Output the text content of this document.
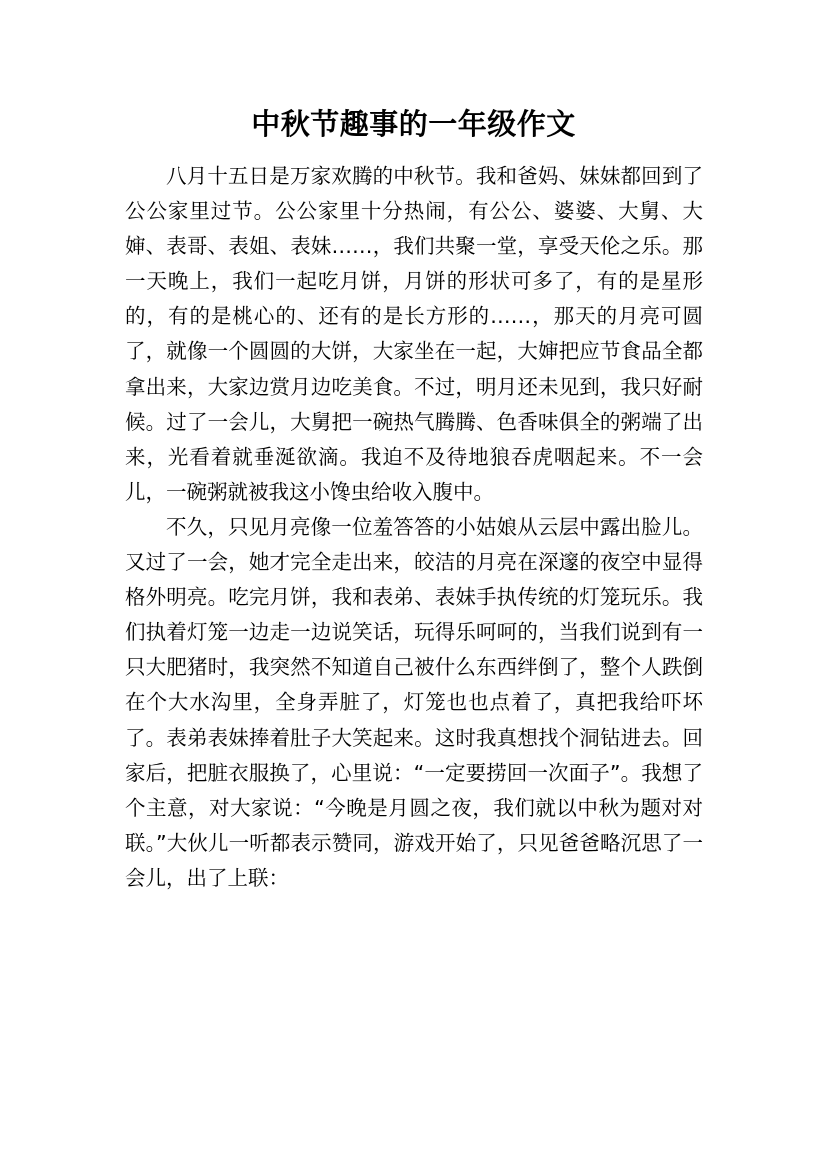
中秋节趣事的一年级作文

八月十五日是万家欢腾的中秋节。我和爸妈、妹妹都回到了公公家里过节。公公家里十分热闹，有公公、婆婆、大舅、大婶、表哥、表姐、表妹……，我们共聚一堂，享受天伦之乐。那一天晚上，我们一起吃月饼，月饼的形状可多了，有的是星形的，有的是桃心的、还有的是长方形的……，那天的月亮可圆了，就像一个圆圆的大饼，大家坐在一起，大婶把应节食品全都拿出来，大家边赏月边吃美食。不过，明月还未见到，我只好耐候。过了一会儿，大舅把一碗热气腾腾、色香味俱全的粥端了出来，光看着就垂涎欲滴。我迫不及待地狼吞虎咽起来。不一会儿，一碗粥就被我这小馋虫给收入腹中。

不久，只见月亮像一位羞答答的小姑娘从云层中露出脸儿。又过了一会，她才完全走出来，皎洁的月亮在深邃的夜空中显得格外明亮。吃完月饼，我和表弟、表妹手执传统的灯笼玩乐。我们执着灯笼一边走一边说笑话，玩得乐呵呵的，当我们说到有一只大肥猪时，我突然不知道自己被什么东西绊倒了，整个人跌倒在个大水沟里，全身弄脏了，灯笼也也点着了，真把我给吓坏了。表弟表妹捧着肚子大笑起来。这时我真想找个洞钻进去。回家后，把脏衣服换了，心里说：“一定要捞回一次面子”。我想了个主意，对大家说：“今晚是月圆之夜，我们就以中秋为题对对联。”大伙儿一听都表示赞同，游戏开始了，只见爸爸略沉思了一会儿，出了上联：
